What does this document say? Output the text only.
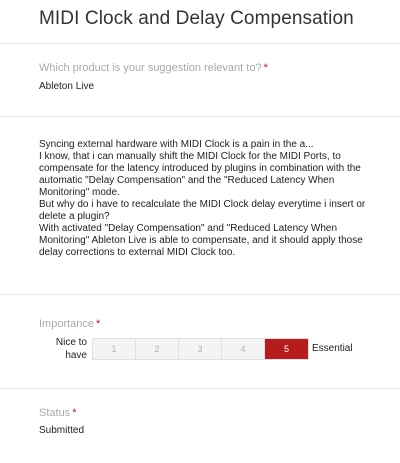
MIDI Clock and Delay Compensation
Which product is your suggestion relevant to? *
Ableton Live

Syncing external hardware with MIDI Clock is a pain in the a...

I know, that i can manually shift the MIDI Clock for the MIDI Ports, to compensate for the latency introduced by plugins in combination with the automatic "Delay Compensation" and the "Reduced Latency When Monitoring" mode.

But why do i have to recalculate the MIDI Clock delay everytime i insert or delete a plugin?

With activated "Delay Compensation" and "Reduced Latency When Monitoring" Ableton Live is able to compensate, and it should apply those delay corrections to external MIDI Clock too.

Importance *
Nice to have
1	2	3	4	5	Essential
Status *
Submitted
